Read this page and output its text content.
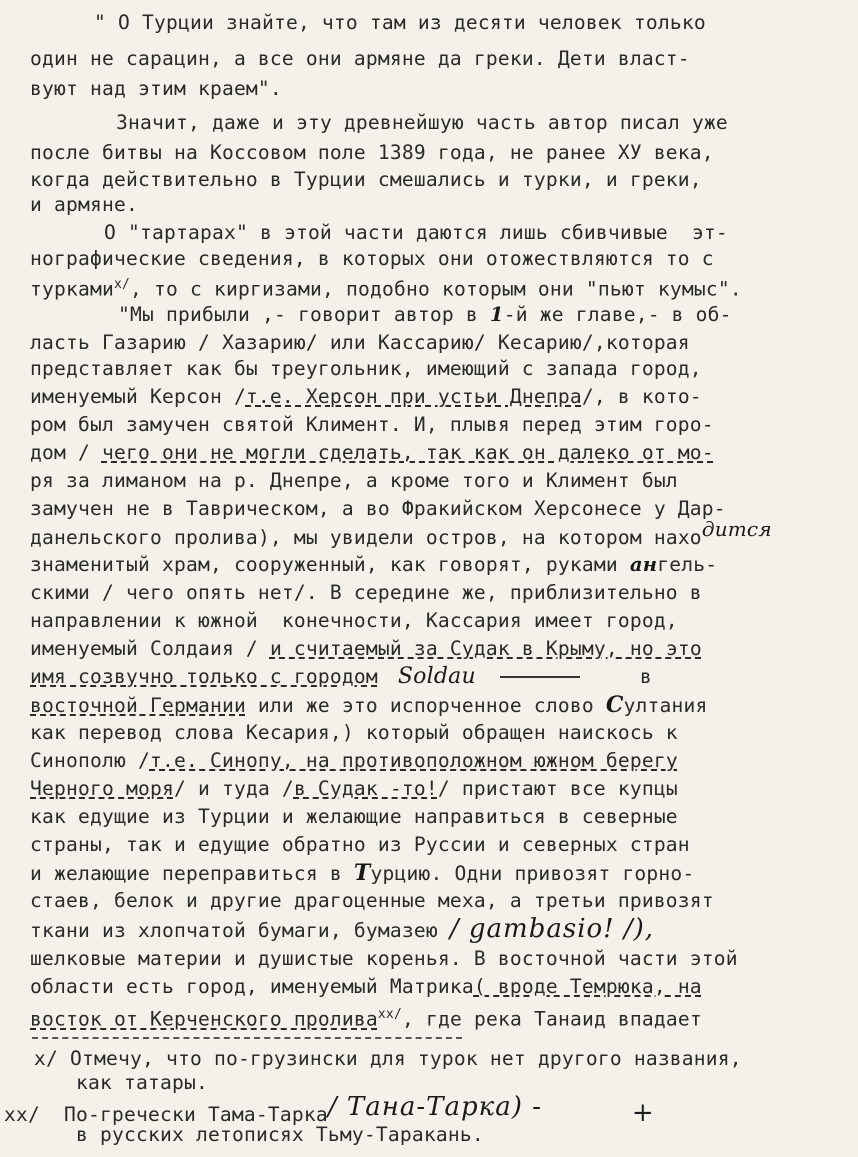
" О Турции знайте, что там из десяти человек только
один не сарацин, а все они армяне да греки. Дети власт-
вуют над этим краем".
Значит, даже и эту древнейшую часть автор писал уже
после битвы на Коссовом поле 1389 года, не ранее ХУ века,
когда действительно в Турции смешались и турки, и греки,
и армяне.
О "тартарах" в этой части даются лишь сбивчивые  эт-
нографические сведения, в которых они отожествляются то с
турками$^{х/}$, то с киргизами, подобно которым они "пьют кумыс".
"Мы прибыли ,- говорит автор в 1-й же главе,- в об-
ласть Газарию / Хазарию/ или Кассарию/ Кесарию/,которая
представляет как бы треугольник, имеющий с запада город,
именуемый Керсон /т.е. Херсон при устьи Днепра/, в кото-
ром был замучен святой Климент. И, плывя перед этим горо-
дом / чего они не могли сделать, так как он далеко от мо-
ря за лиманом на р. Днепре, а кроме того и Климент был
замучен не в Таврическом, а во Фракийском Херсонесе у Дар-
данельского пролива), мы увидели остров, на котором находится
знаменитый храм, сооруженный, как говорят, руками ангель-
скими / чего опять нет/. В середине же, приблизительно в
направлении к южной  конечности, Кассария имеет город,
именуемый Солдаия / и считаемый за Судак в Крыму, но это
имя созвучно только с городом Soldau	в
восточной Германии или же это испорченное слово Султания
как перевод слова Кесария,) который обращен наискось к
Синополю /т.е. Синопу, на противоположном южном берегу
Черного моря/ и туда /в Судак -то!/ пристают все купцы
как едущие из Турции и желающие направиться в северные
страны, так и едущие обратно из Руссии и северных стран
и желающие переправиться в Турцию. Одни привозят горно-
стаев, белок и другие драгоценные меха, а третьи привозят
ткани из хлопчатой бумаги, бумазею / gambasio! /),
шелковые материи и душистые коренья. В восточной части этой
области есть город, именуемый Матрика( вроде Темрюка, на
восток от Керченского пролива$^{хх/}$, где река Танаид впадает
х/ Отмечу, что по-грузински для турок нет другого названия,
как татары.
хх/  По-гречески Тама-Тарка/ Тана-Тарка) -	+
в русских летописях Тьму-Таракань.
